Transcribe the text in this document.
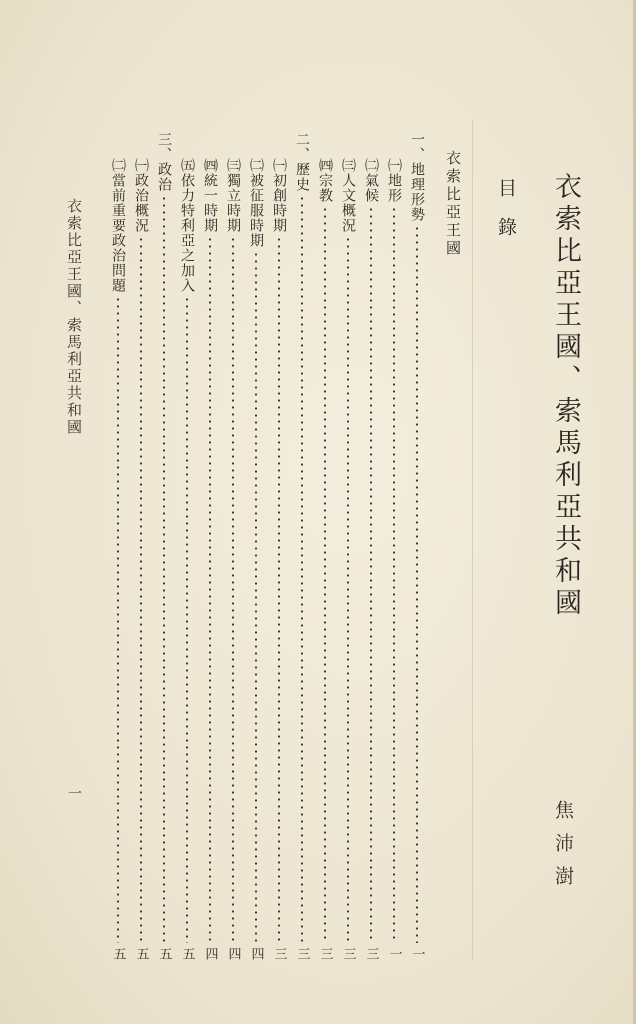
衣索比亞王國、索馬利亞共和國
焦沛澍
目錄
衣索比亞王國
一、地理形勢
一
㈠地形
一
㈡氣候
三
㈢人文概況
三
㈣宗教
三
二、歷史
三
㈠初創時期
三
㈡被征服時期
四
㈢獨立時期
四
㈣統一時期
四
㈤依力特利亞之加入
五
三、政治
五
㈠政治概況
五
㈡當前重要政治問題
五
衣索比亞王國、索馬利亞共和國
一
